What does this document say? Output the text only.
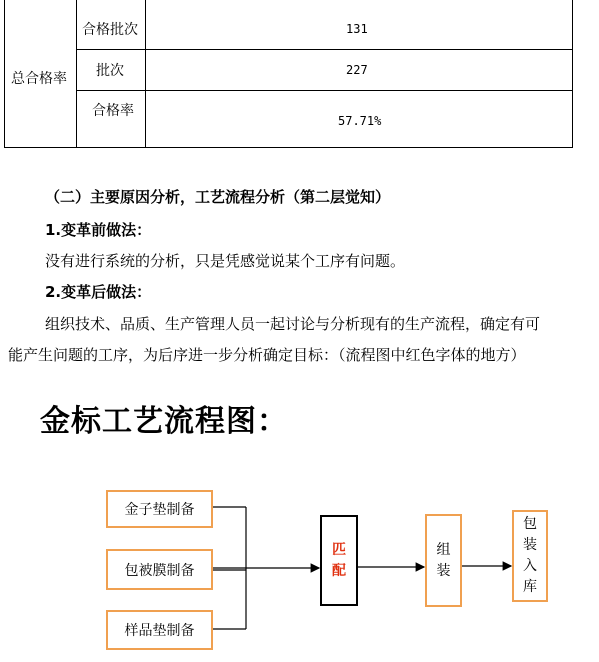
总合格率
合格批次	131
批次	227
合格率
57.71%
（二）主要原因分析，工艺流程分析（第二层觉知）
1.变革前做法：
没有进行系统的分析，只是凭感觉说某个工序有问题。
2.变革后做法：
组织技术、品质、生产管理人员一起讨论与分析现有的生产流程，确定有可
能产生问题的工序，为后序进一步分析确定目标：（流程图中红色字体的地方）
金标工艺流程图：
金子垫制备
包被膜制备
样品垫制备
匹
配
组
装
包
装
入
库
